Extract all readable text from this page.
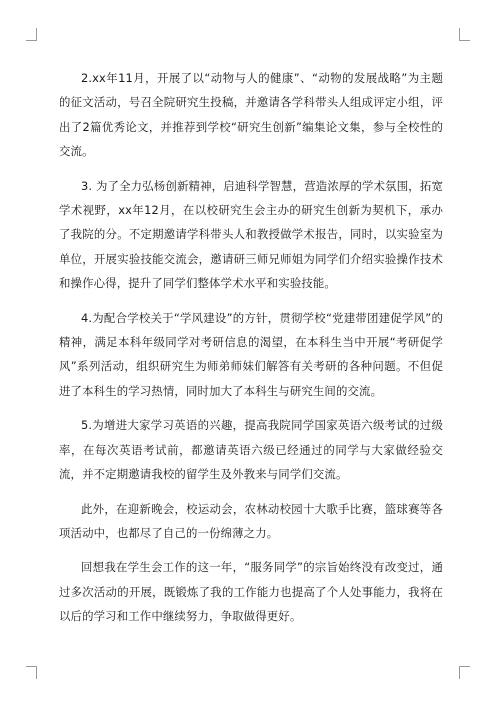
2.xx年11月，开展了以“动物与人的健康”、“动物的发展战略”为主题的征文活动，号召全院研究生投稿，并邀请各学科带头人组成评定小组，评出了2篇优秀论文，并推荐到学校“研究生创新”编集论文集，参与全校性的交流。

3. 为了全力弘杨创新精神，启迪科学智慧，营造浓厚的学术氛围，拓宽学术视野，xx年12月，在以校研究生会主办的研究生创新为契机下，承办了我院的分。不定期邀请学科带头人和教授做学术报告，同时，以实验室为单位，开展实验技能交流会，邀请研三师兄师姐为同学们介绍实验操作技术和操作心得，提升了同学们整体学术水平和实验技能。

4.为配合学校关于“学风建设”的方针，贯彻学校“党建带团建促学风”的精神，满足本科年级同学对考研信息的渴望，在本科生当中开展“考研促学风”系列活动，组织研究生为师弟师妹们解答有关考研的各种问题。不但促进了本科生的学习热情，同时加大了本科生与研究生间的交流。

5.为增进大家学习英语的兴趣，提高我院同学国家英语六级考试的过级率，在每次英语考试前，都邀请英语六级已经通过的同学与大家做经验交流，并不定期邀请我校的留学生及外教来与同学们交流。

此外，在迎新晚会，校运动会，农林动校园十大歌手比赛，篮球赛等各项活动中，也都尽了自己的一份绵薄之力。

回想我在学生会工作的这一年，“服务同学”的宗旨始终没有改变过，通过多次活动的开展，既锻炼了我的工作能力也提高了个人处事能力，我将在以后的学习和工作中继续努力，争取做得更好。
